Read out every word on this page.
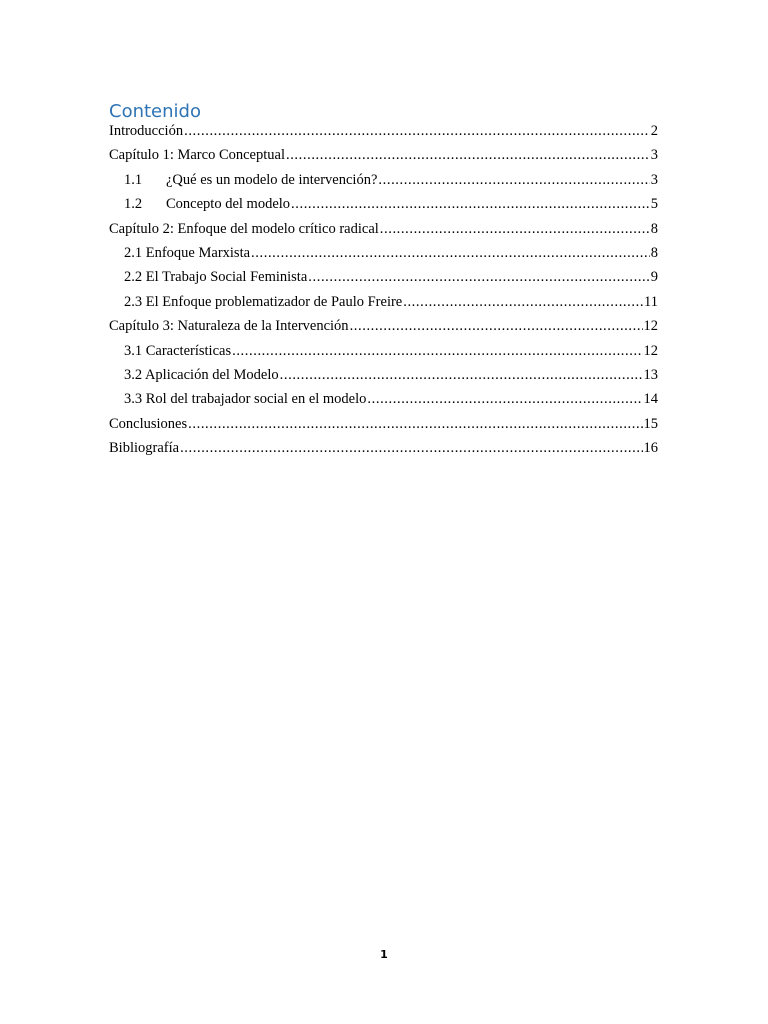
Contenido
Introducción .....	2
Capítulo 1: Marco Conceptual .....	3
1.1	¿Qué es un modelo de intervención? .....	3
1.2	Concepto del modelo .....	5
Capítulo 2: Enfoque del modelo crítico radical .....	8
2.1 Enfoque Marxista .....	8
2.2 El Trabajo Social Feminista .....	9
2.3 El Enfoque problematizador de Paulo Freire .....	11
Capítulo 3: Naturaleza de la Intervención .....	12
3.1 Características .....	12
3.2 Aplicación del Modelo .....	13
3.3 Rol del trabajador social en el modelo .....	14
Conclusiones .....	15
Bibliografía .....	16
1
